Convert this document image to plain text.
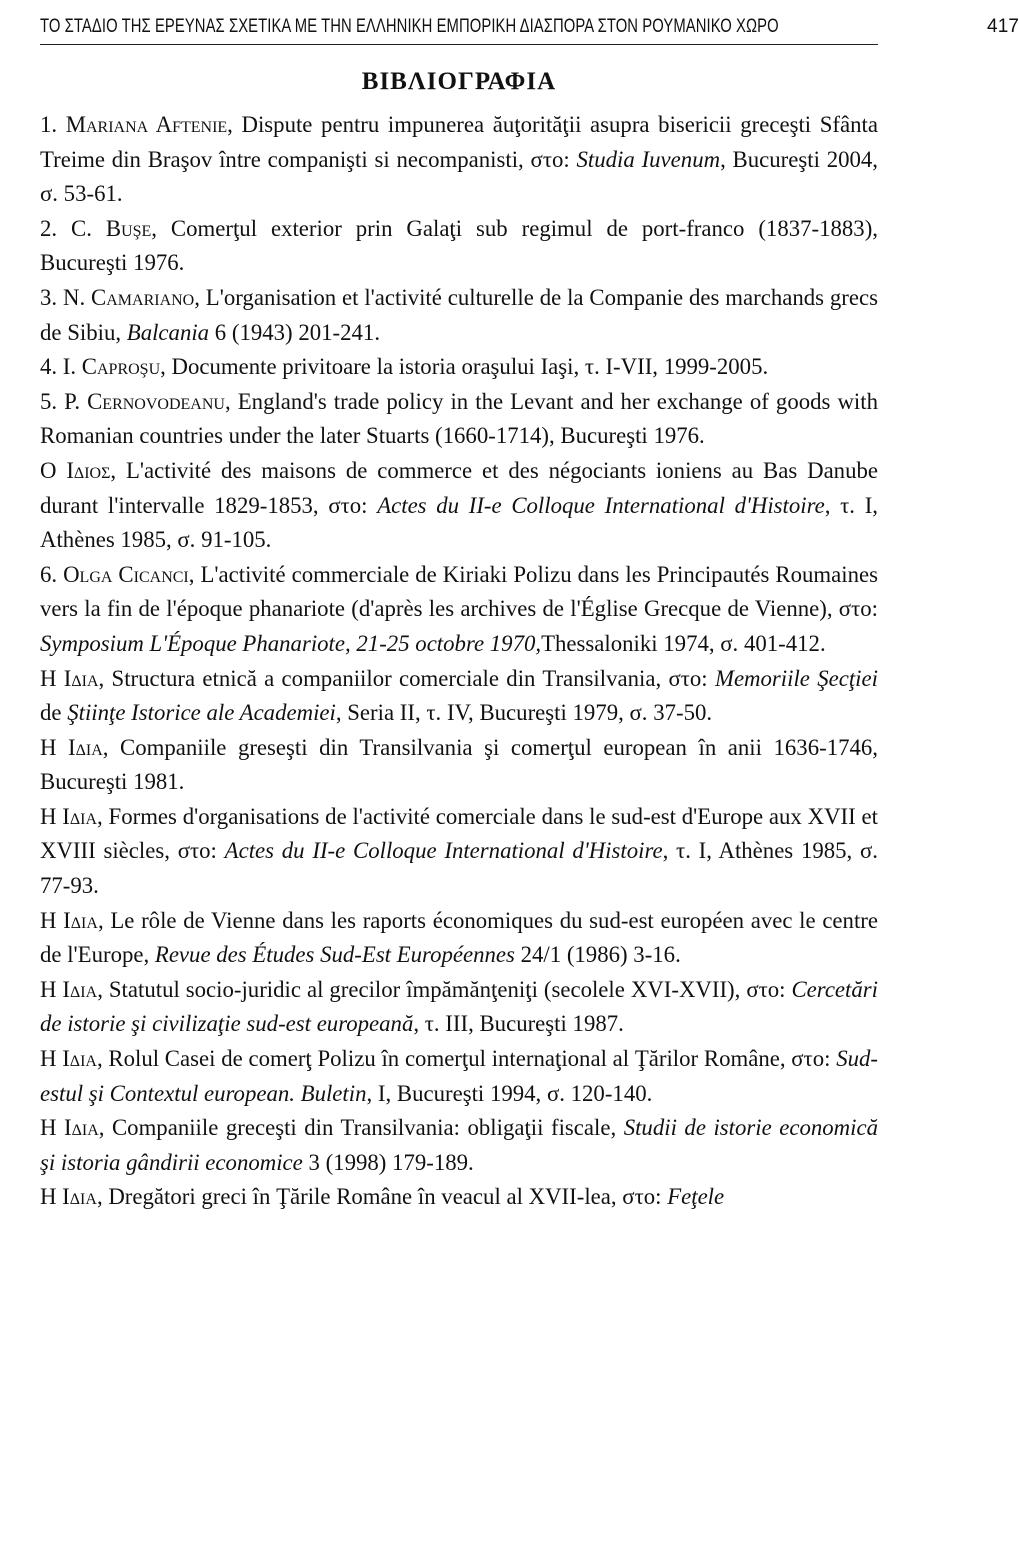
ΤΟ ΣΤΑΔΙΟ ΤΗΣ ΕΡΕΥΝΑΣ ΣΧΕΤΙΚΑ ΜΕ ΤΗΝ ΕΛΛΗΝΙΚΗ ΕΜΠΟΡΙΚΗ ΔΙΑΣΠΟΡΑ ΣΤΟΝ ΡΟΥΜΑΝΙΚΟ ΧΩΡΟ	417
ΒΙΒΛΙΟΓΡΑΦΙΑ
1. Mariana Aftenie, Dispute pentru impunerea ăuţorităţii asupra bisericii greceşti Sfânta Treime din Braşov între companişti si necompanisti, στο: Studia Iuvenum, Bucureşti 2004, σ. 53-61.
2. C. Buşe, Comerţul exterior prin Galaţi sub regimul de port-franco (1837-1883), Bucureşti 1976.
3. N. Camariano, L'organisation et l'activité culturelle de la Companie des marchands grecs de Sibiu, Balcania 6 (1943) 201-241.
4. I. Caproşu, Documente privitoare la istoria oraşului Iaşi, τ. I-VII, 1999-2005.
5. P. Cernovodeanu, England's trade policy in the Levant and her exchange of goods with Romanian countries under the later Stuarts (1660-1714), Bucureşti 1976.
Ο Ιδιος, L'activité des maisons de commerce et des négociants ioniens au Bas Danube durant l'intervalle 1829-1853, στο: Actes du II-e Colloque International d'Histoire, τ. I, Athènes 1985, σ. 91-105.
6. Olga Cicanci, L'activité commerciale de Kiriaki Polizu dans les Principautés Roumaines vers la fin de l'époque phanariote (d'après les archives de l'Église Grecque de Vienne), στο: Symposium L'Époque Phanariote, 21-25 octobre 1970,Thessaloniki 1974, σ. 401-412.
Η Ιδια, Structura etnică a companiilor comerciale din Transilvania, στο: Memoriile Şecţiei de Ştiinţe Istorice ale Academiei, Seria II, τ. IV, Bucureşti 1979, σ. 37-50.
Η Ιδια, Companiile greseşti din Transilvania şi comerţul european în anii 1636-1746, Bucureşti 1981.
Η Ιδια, Formes d'organisations de l'activité comerciale dans le sud-est d'Europe aux XVII et XVIII siècles, στο: Actes du II-e Colloque International d'Histoire, τ. I, Athènes 1985, σ. 77-93.
Η Ιδια, Le rôle de Vienne dans les raports économiques du sud-est européen avec le centre de l'Europe, Revue des Études Sud-Est Européennes 24/1 (1986) 3-16.
Η Ιδια, Statutul socio-juridic al grecilor împămănţeniţi (secolele XVI-XVII), στο: Cercetări de istorie şi civilizaţie sud-est europeană, τ. III, Bucureşti 1987.
Η Ιδια, Rolul Casei de comerţ Polizu în comerţul internaţional al Ţărilor Române, στο: Sud-estul şi Contextul european. Buletin, I, Bucureşti 1994, σ. 120-140.
Η Ιδια, Companiile greceşti din Transilvania: obligaţii fiscale, Studii de istorie economică şi istoria gândirii economice 3 (1998) 179-189.
Η Ιδια, Dregători greci în Ţările Române în veacul al XVII-lea, στο: Feţele
